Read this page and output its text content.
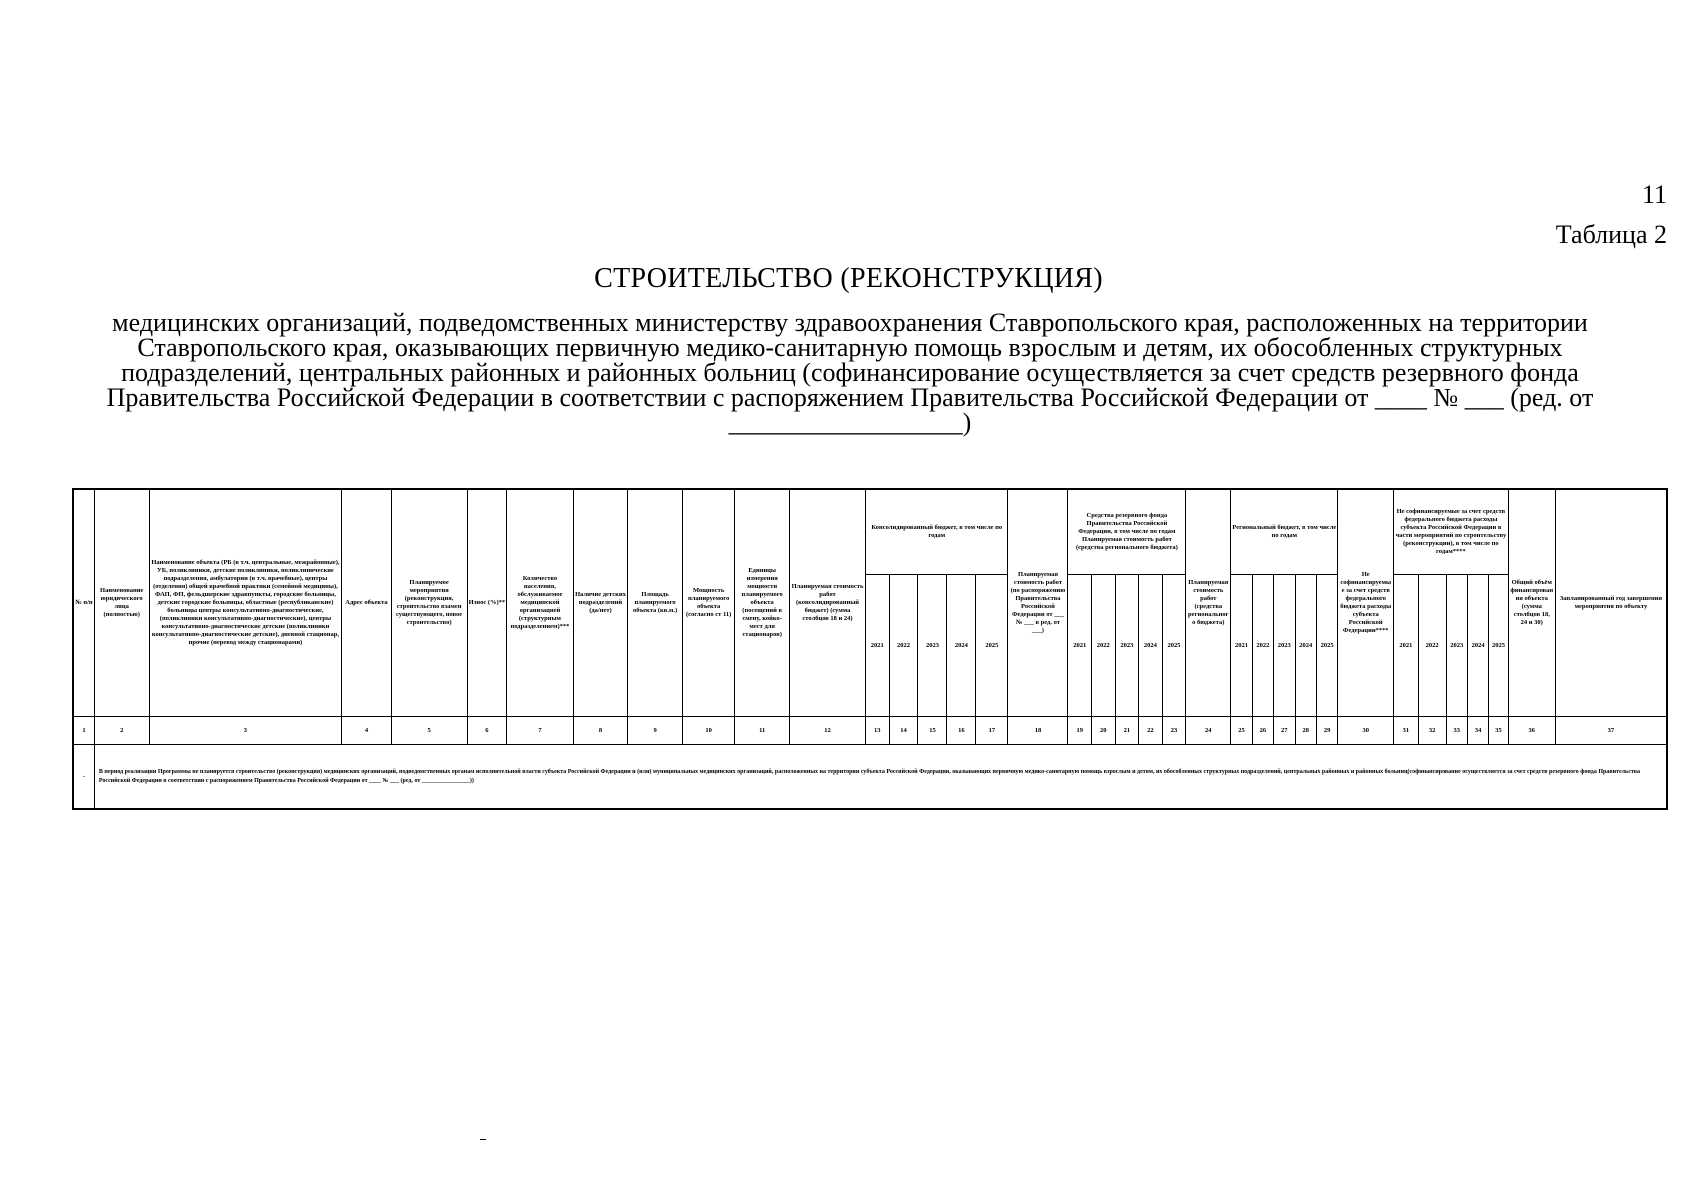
11
Таблица 2
СТРОИТЕЛЬСТВО (РЕКОНСТРУКЦИЯ)
медицинских организаций, подведомственных министерству здравоохранения Ставропольского края, расположенных на территории Ставропольского края, оказывающих первичную медико-санитарную помощь взрослым и детям, их обособленных структурных подразделений, центральных районных и районных больниц (софинансирование осуществляется за счет средств резервного фонда Правительства Российской Федерации в соответствии с распоряжением Правительства Российской Федерации от ____ № ___ (ред. от __________________)
№ п/п	Наименование юридического лица (полностью)	Наименование объекта (РБ (в т.ч. центральные, межрайонные), УБ, поликлиники, детские поликлиники, поликлинические подразделения, амбулатории (в т.ч. врачебные), центры (отделения) общей врачебной практики (семейной медицины), ФАП, ФП, фельдшерские здравпункты, городские больницы, детские городские больницы, областные (республиканские) больницы центры консультативно-диагностические, (поликлиники консультативно-диагностические), центры консультативно-диагностические детские (поликлиники консультативно-диагностические детские), дневной стационар, прочие (перевод между стационарами)	Адрес объекта	Планируемое мероприятия (реконструкция, строительство взамен существующего, новое строительство)	Износ (%)**	Количество населения, обслуживаемое медицинской организацией (структурным подразделением)***	Наличие детских подразделений (да/нет)	Площадь планируемого объекта (кв.м.)	Мощность планируемого объекта (согласно ст 11)	Единицы измерения мощности планируемого объекта (посещений в смену, койко-мест для стационаров)	Планируемая стоимость работ (консолидированный бюджет) (сумма столбцов 18 и 24)	Консолидированный бюджет, в том числе по годам					Планируемая стоимость работ (по распоряжению Правительства Российской Федерации от ___ № ___ в ред. от ___)	Средства резервного фонда Правительства Российской Федерации, в том числе по годам Планируемая стоимость работ (средства регионального бюджета)					Планируемая стоимость работ (средства регионального бюджета)	Региональный бюджет, в том числе по годам					Не софинансируемые за счет средств федерального бюджета расходы субъекта Российской Федерации****	Не софинансируемые за счет средств федерального бюджета расходы субъекта Российской Федерации в части мероприятий по строительству (реконструкции), в том числе по годам****					Общий объём финансирования объекта (сумма столбцов 18, 24 и 30)	Запланированный год завершения мероприятия по объекту
												2021	2022	2023	2024	2025		2021	2022	2023	2024	2025		2021	2022	2023	2024	2025		2021	2022	2023	2024	2025		
1	2	3	4	5	6	7	8	9	10	11	12	13	14	15	16	17	18	19	20	21	22	23	24	25	26	27	28	29	30	31	32	33	34	35	36	37
-	В период реализации Программы не планируется строительство (реконструкция) медицинских организаций, подведомственных органам исполнительной власти субъекта Российской Федерации и (или) муниципальных медицинских организаций, расположенных на территории субъекта Российской Федерации, оказывающих первичную медико-санитарную помощь взрослым и детям, их обособленных структурных подразделений, центральных районных и районных больниц(софинансирование осуществляется за счет средств резервного фонда Правительства Российской Федерации в соответствии с распоряжением Правительства Российской Федерации от ____ № ___ (ред. от ________________))																																			
